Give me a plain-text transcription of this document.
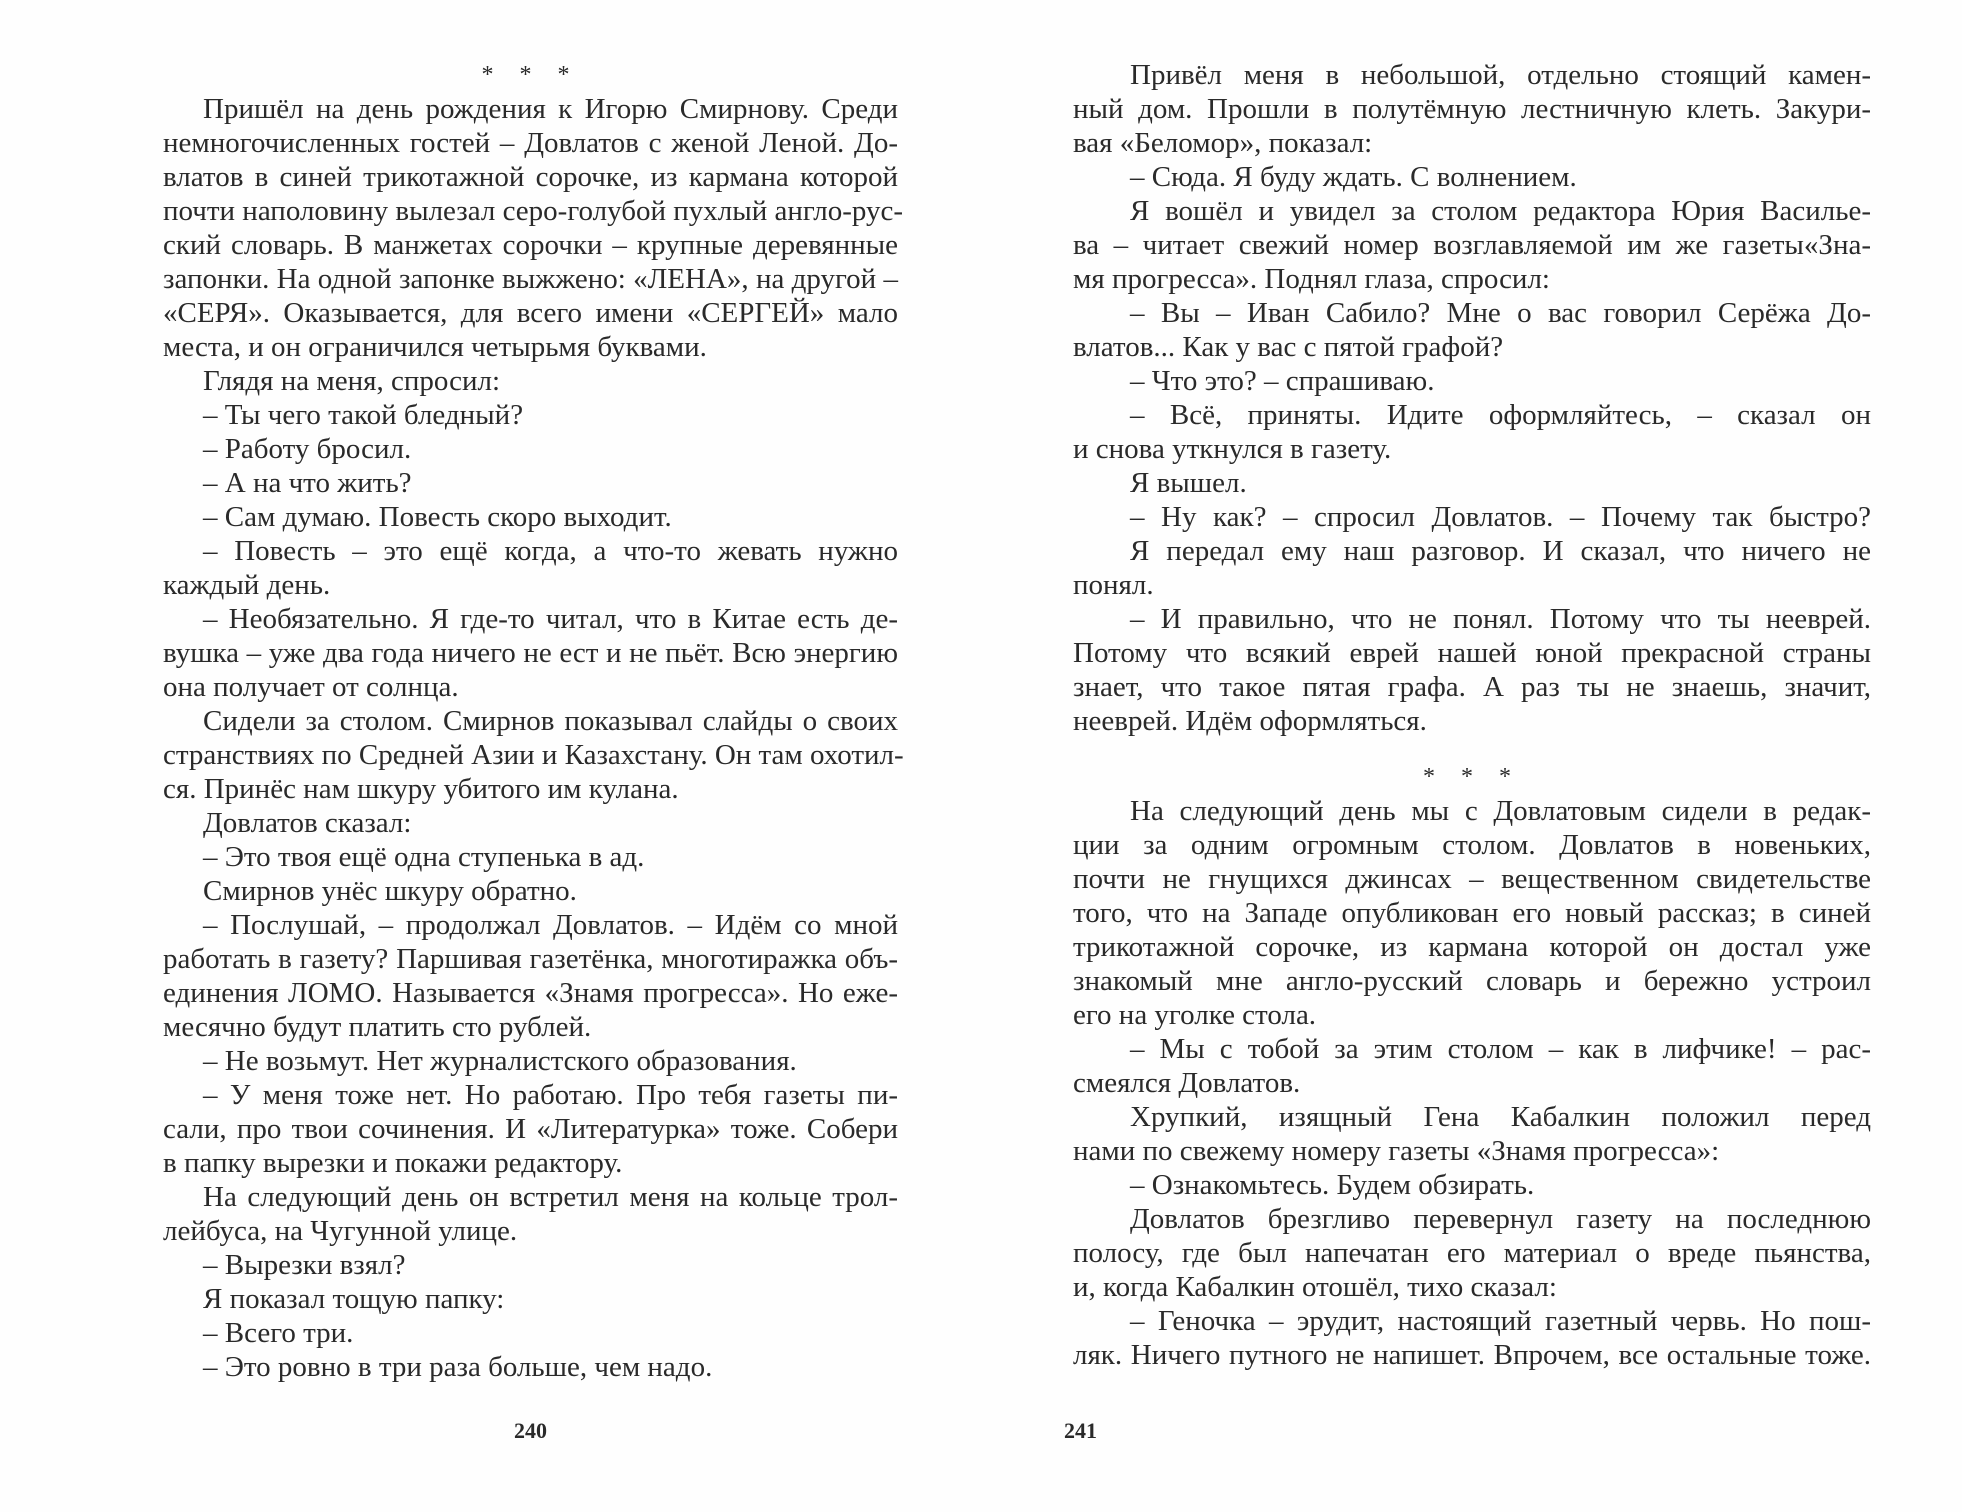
* * *
Пришёл на день рождения к Игорю Смирнову. Среди
немногочисленных гостей – Довлатов с женой Леной. До-
влатов в синей трикотажной сорочке, из кармана которой
почти наполовину вылезал серо-голубой пухлый англо-рус-
ский словарь. В манжетах сорочки – крупные деревянные
запонки. На одной запонке выжжено: «ЛЕНА», на другой –
«СЕРЯ». Оказывается, для всего имени «СЕРГЕЙ» мало
места, и он ограничился четырьмя буквами.
Глядя на меня, спросил:
– Ты чего такой бледный?
– Работу бросил.
– А на что жить?
– Сам думаю. Повесть скоро выходит.
– Повесть – это ещё когда, а что-то жевать нужно
каждый день.
– Необязательно. Я где-то читал, что в Китае есть де-
вушка – уже два года ничего не ест и не пьёт. Всю энергию
она получает от солнца.
Сидели за столом. Смирнов показывал слайды о своих
странствиях по Средней Азии и Казахстану. Он там охотил-
ся. Принёс нам шкуру убитого им кулана.
Довлатов сказал:
– Это твоя ещё одна ступенька в ад.
Смирнов унёс шкуру обратно.
– Послушай, – продолжал Довлатов. – Идём со мной
работать в газету? Паршивая газетёнка, многотиражка объ-
единения ЛОМО. Называется «Знамя прогресса». Но еже-
месячно будут платить сто рублей.
– Не возьмут. Нет журналистского образования.
– У меня тоже нет. Но работаю. Про тебя газеты пи-
сали, про твои сочинения. И «Литературка» тоже. Собери
в папку вырезки и покажи редактору.
На следующий день он встретил меня на кольце трол-
лейбуса, на Чугунной улице.
– Вырезки взял?
Я показал тощую папку:
– Всего три.
– Это ровно в три раза больше, чем надо.
240
Привёл меня в небольшой, отдельно стоящий камен-
ный дом. Прошли в полутёмную лестничную клеть. Закури-
вая «Беломор», показал:
– Сюда. Я буду ждать. С волнением.
Я вошёл и увидел за столом редактора Юрия Васильe-
ва – читает свежий номер возглавляемой им же газеты«Зна-
мя прогресса». Поднял глаза, спросил:
– Вы – Иван Сабило? Мне о вас говорил Серёжа До-
влатов... Как у вас с пятой графой?
– Что это? – спрашиваю.
– Всё, приняты. Идите оформляйтесь, – сказал он
и снова уткнулся в газету.
Я вышел.
– Ну как? – спросил Довлатов. – Почему так быстро?
Я передал ему наш разговор. И сказал, что ничего не
понял.
– И правильно, что не понял. Потому что ты нееврей.
Потому что всякий еврей нашей юной прекрасной страны
знает, что такое пятая графа. А раз ты не знаешь, значит,
нееврей. Идём оформляться.
* * *
На следующий день мы с Довлатовым сидели в редак-
ции за одним огромным столом. Довлатов в новеньких,
почти не гнущихся джинсах – вещественном свидетельстве
того, что на Западе опубликован его новый рассказ; в синей
трикотажной сорочке, из кармана которой он достал уже
знакомый мне англо-русский словарь и бережно устроил
его на уголке стола.
– Мы с тобой за этим столом – как в лифчике! – рас-
смеялся Довлатов.
Хрупкий, изящный Гена Кабалкин положил перед
нами по свежему номеру газеты «Знамя прогресса»:
– Ознакомьтесь. Будем обзирать.
Довлатов брезгливо перевернул газету на последнюю
полосу, где был напечатан его материал о вреде пьянства,
и, когда Кабалкин отошёл, тихо сказал:
– Геночка – эрудит, настоящий газетный червь. Но пош-
ляк. Ничего путного не напишет. Впрочем, все остальные тоже.
241
